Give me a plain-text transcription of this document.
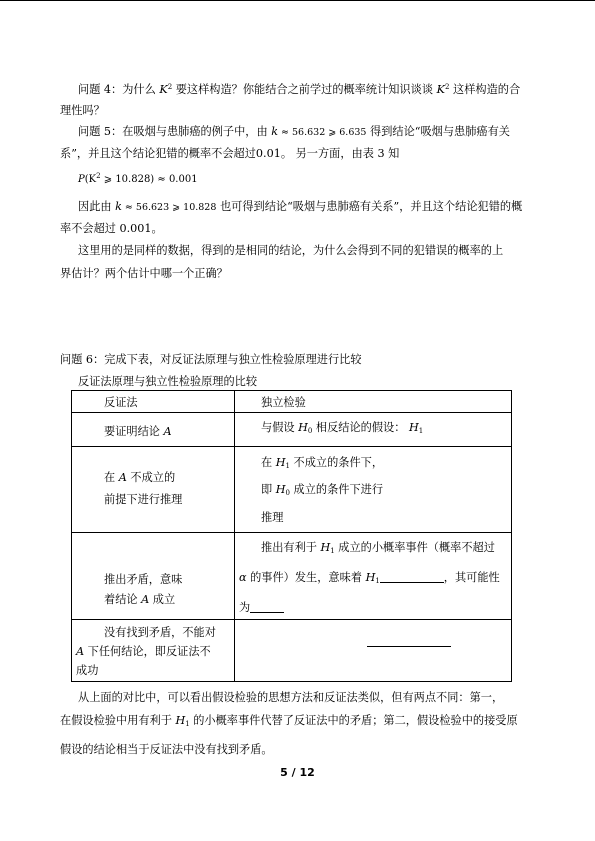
问题 4：为什么 $K^2$ 要这样构造？你能结合之前学过的概率统计知识谈谈 $K^2$ 这样构造的合
理性吗？
问题 5：在吸烟与患肺癌的例子中，由 k ≈ 56.632 ⩾ 6.635 得到结论“吸烟与患肺癌有关
系”，并且这个结论犯错的概率不会超过0.01。 另一方面，由表 3 知
$P(K^2$ ⩾ 10.828) ≈ 0.001
因此由 k ≈ 56.623 ⩾ 10.828 也可得到结论“吸烟与患肺癌有关系”，并且这个结论犯错的概
率不会超过 0.001。
这里用的是同样的数据，得到的是相同的结论，为什么会得到不同的犯错误的概率的上
界估计？两个估计中哪一个正确？
问题 6：完成下表，对反证法原理与独立性检验原理进行比较
反证法原理与独立性检验原理的比较
反证法	独立检验

要证明结论 A	与假设 $H_0$ 相反结论的假设： $H_1$

在 A 不成立的
前提下进行推理	在 $H_1$ 不成立的条件下，
即 $H_0$ 成立的条件下进行
推理

推出矛盾，意味
着结论 A 成立	推出有利于 $H_1$ 成立的小概率事件（概率不超过
α 的事件）发生，意味着 $H_1$ ，其可能性
为

没有找到矛盾，不能对
A 下任何结论，即反证法不
成功	

从上面的对比中，可以看出假设检验的思想方法和反证法类似，但有两点不同：第一，
在假设检验中用有利于 $H_1$ 的小概率事件代替了反证法中的矛盾；第二，假设检验中的接受原
假设的结论相当于反证法中没有找到矛盾。
5 / 12
